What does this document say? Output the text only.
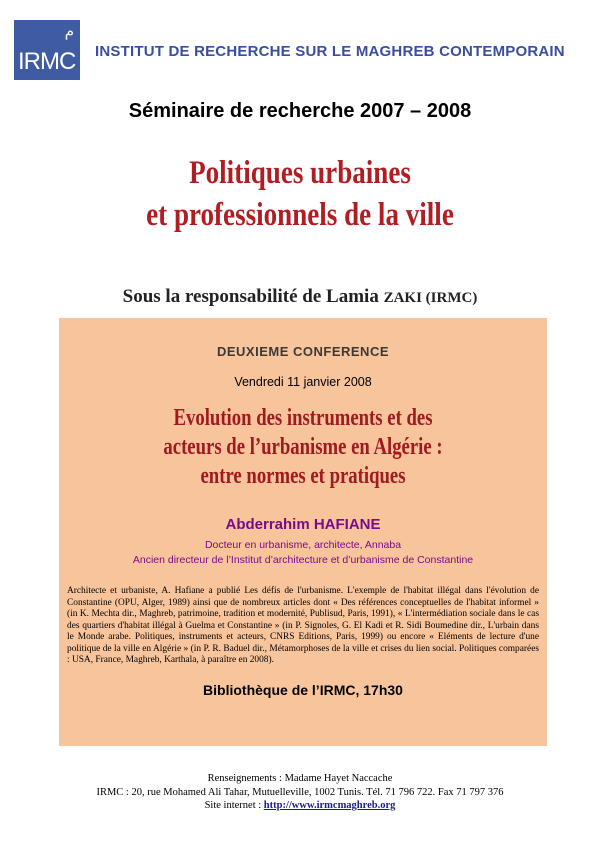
م
IRMC INSTITUT DE RECHERCHE SUR LE MAGHREB CONTEMPORAIN
Séminaire de recherche 2007 – 2008
Politiques urbaines
et professionnels de la ville
Sous la responsabilité de Lamia ZAKI (IRMC)
DEUXIEME CONFERENCE
Vendredi 11 janvier 2008
Evolution des instruments et des
acteurs de l’urbanisme en Algérie :
entre normes et pratiques
Abderrahim HAFIANE
Docteur en urbanisme, architecte, Annaba
Ancien directeur de l’Institut d’architecture et d’urbanisme de Constantine
Architecte et urbaniste, A. Hafiane a publié Les défis de l'urbanisme. L'exemple de l'habitat illégal dans l'évolution de Constantine (OPU, Alger, 1989) ainsi que de nombreux articles dont « Des références conceptuelles de l'habitat informel » (in K. Mechta dir., Maghreb, patrimoine, tradition et modernité, Publisud, Paris, 1991), « L'intermédiation sociale dans le cas des quartiers d'habitat illégal à Guelma et Constantine » (in P. Signoles, G. El Kadi et R. Sidi Boumedine dir., L'urbain dans le Monde arabe. Politiques, instruments et acteurs, CNRS Editions, Paris, 1999) ou encore « Eléments de lecture d'une politique de la ville en Algérie » (in P. R. Baduel dir., Métamorphoses de la ville et crises du lien social. Politiques comparées : USA, France, Maghreb, Karthala, à paraître en 2008).
Bibliothèque de l’IRMC, 17h30
Renseignements : Madame Hayet Naccache
IRMC : 20, rue Mohamed Ali Tahar, Mutuelleville, 1002 Tunis. Tél. 71 796 722. Fax 71 797 376
Site internet : http://www.irmcmaghreb.org
